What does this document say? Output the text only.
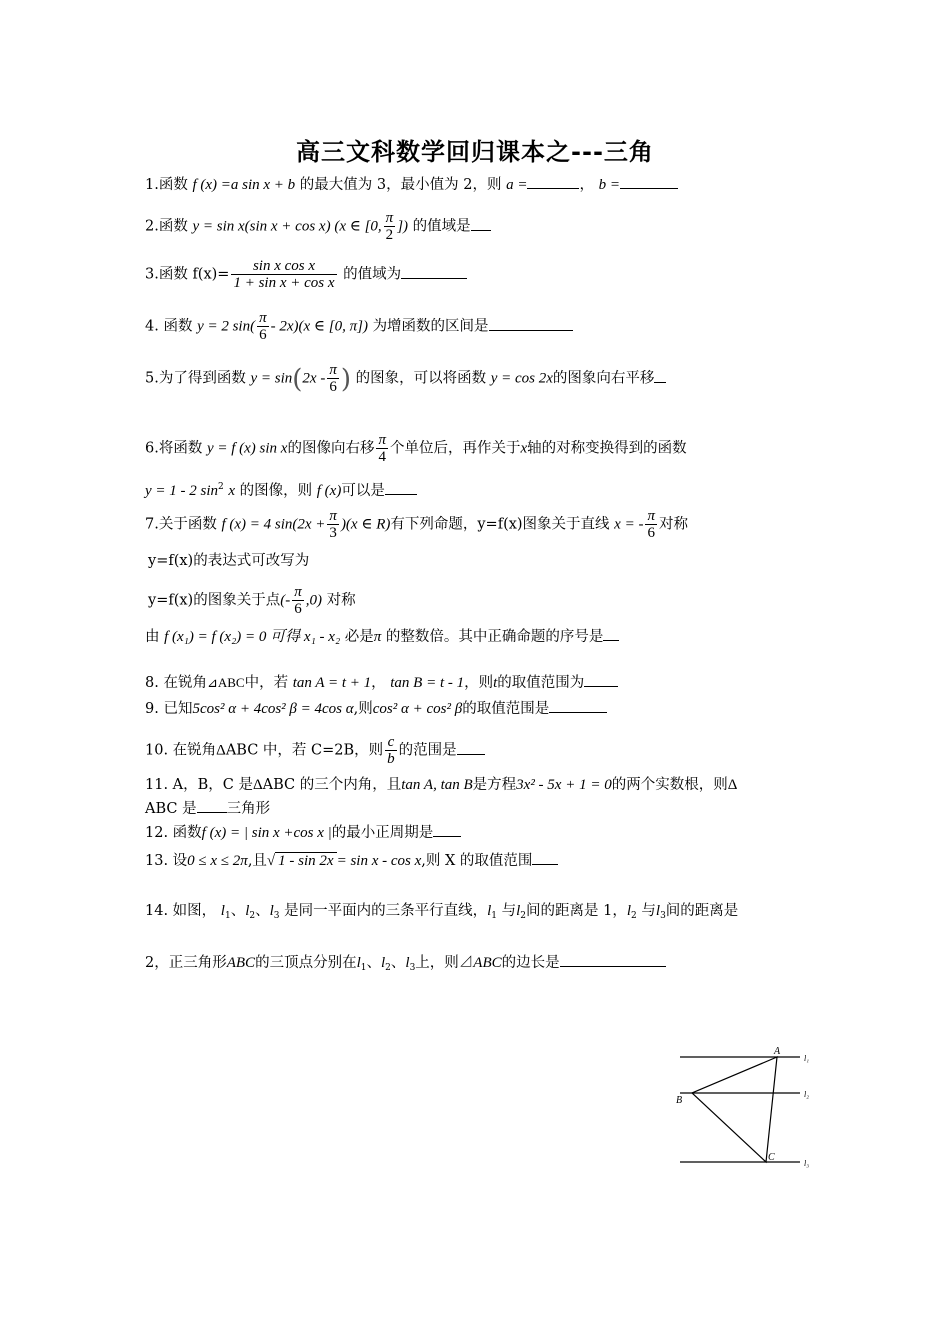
高三文科数学回归课本之---三角
1.函数 f (x) =a sin x + b 的最大值为 3，最小值为 2，则 a =	， b =
2.函数 y = sin x(sin x + cos x) (x ∈ [0, $\frac{\pi}{2}$ ]) 的值域是
3.函数 $f(x)= \frac{\text{sin x cos x}}{\text{1 + sin x + cos x}}$ 的值域为
4. 函数 y = 2 $\sin( \frac{\pi}{6} - 2x)(x$ ∈ [0, π]) 为增函数的区间是
5.为了得到函数 $y = \sin(2x - \frac{\pi}{6}$ ) 的图象，可以将函数 y = cos 2x的图象向右平移
6.将函数 y = f (x) sin x的图像向右移 $\frac{\pi}{4}$ 个单位后，再作关于x轴的对称变换得到的函数
y = 1 - 2 $\sin^2 x$ 的图像，则 f (x)可以是
7.关于函数 f (x) = 4 $\sin(2x + \frac{\pi}{3} )(x$ ∈ R)有下列命题，y=f(x)图象关于直线 x = - $\frac{\pi}{6}$ 对称
y=f(x)的表达式可改写为
y=f(x)的图象关于点(- $\frac{\pi}{6} ,0$) 对称
由 f (x₁) = f (x₂) = 0 可得 x₁ - x₂ 必是π 的整数倍。其中正确命题的序号是
8. 在锐角⊿ABC中，若 tan A = t + 1， tan B = t - 1，则t的取值范围为
9. 已知5cos² α + 4cos² β = 4cos α,则cos² α + cos² β的取值范围是
10. 在锐角ΔABC 中，若 C=2B，则 $\frac{c}{b}$ 的范围是
11. A，B，C 是ΔABC 的三个内角，且tan A, tan B是方程3x² - 5x + 1 = 0的两个实数根，则Δ
ABC 是 三角形
12. 函数f (x) = | sin x +cos x |的最小正周期是
13. 设0 ≤ x ≤ 2π,且√ 1 - sin 2x = sin x - cos x,则 X 的取值范围
14. 如图， $l_1$、$l_2$、$l_3$ 是同一平面内的三条平行直线，$l_1$ 与$l_2$间的距离是 1，$l_2$ 与$l_3$间的距离是
2，正三角形ABC的三顶点分别在$l_1$、$l_2$、$l_3$上，则⊿ABC的边长是
A
B
C
l₁
l₂
l₃
